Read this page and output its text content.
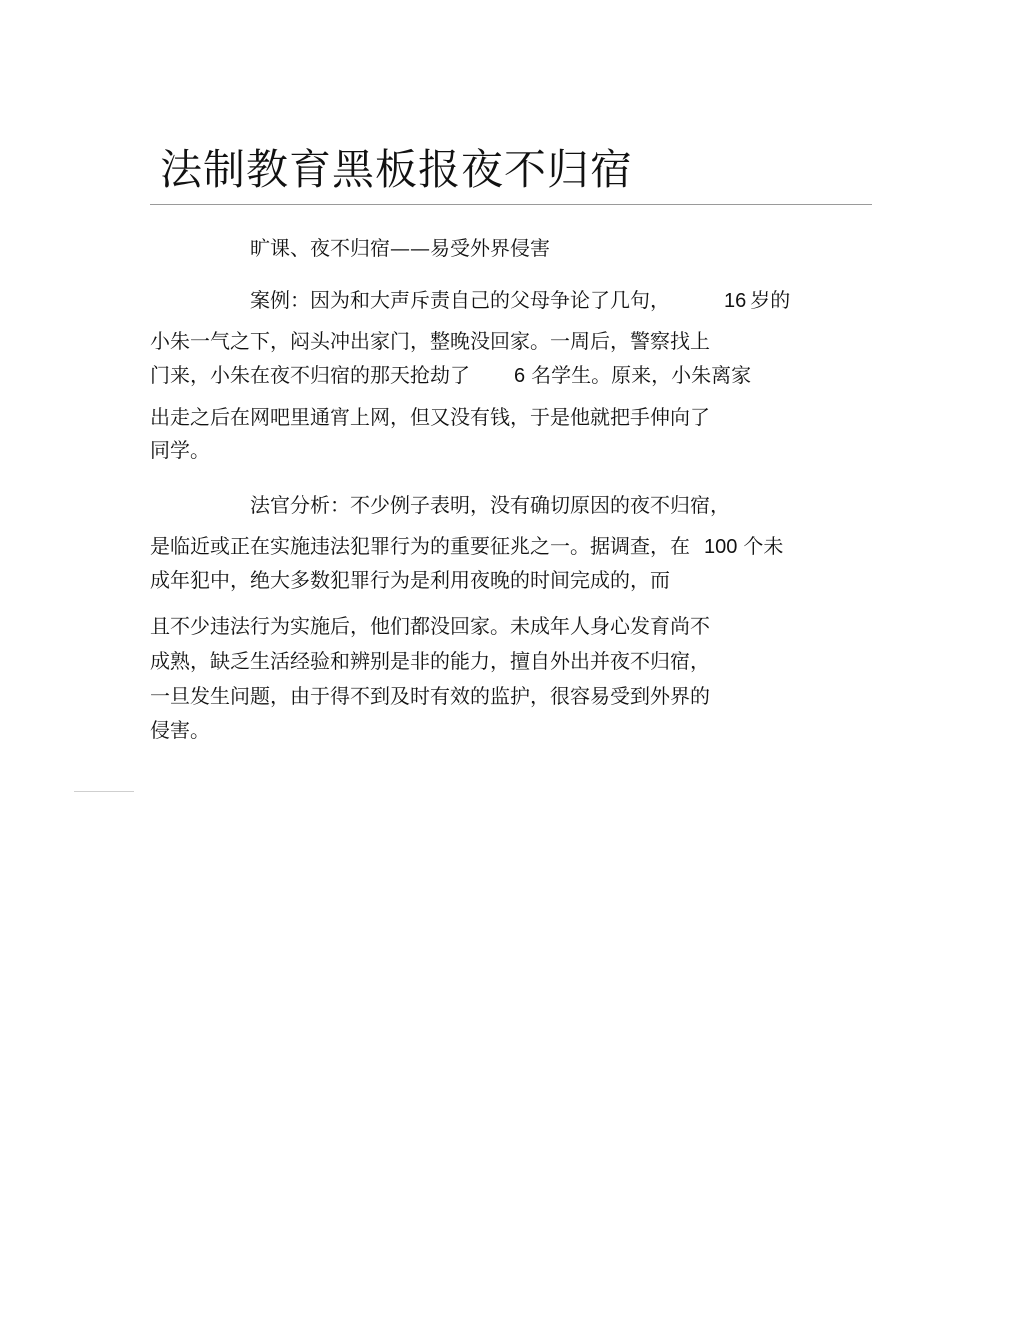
法制教育黑板报夜不归宿
旷课、夜不归宿——易受外界侵害
案例：因为和大声斥责自己的父母争论了几句，	16 岁的
小朱一气之下，闷头冲出家门，整晚没回家。一周后，警察找上
门来，小朱在夜不归宿的那天抢劫了 6 名学生。原来，小朱离家
出走之后在网吧里通宵上网，但又没有钱，于是他就把手伸向了
同学。
法官分析：不少例子表明，没有确切原因的夜不归宿，
是临近或正在实施违法犯罪行为的重要征兆之一。据调查，在 100 个未
成年犯中，绝大多数犯罪行为是利用夜晚的时间完成的，而
且不少违法行为实施后，他们都没回家。未成年人身心发育尚不
成熟，缺乏生活经验和辨别是非的能力，擅自外出并夜不归宿，
一旦发生问题，由于得不到及时有效的监护，很容易受到外界的
侵害。
